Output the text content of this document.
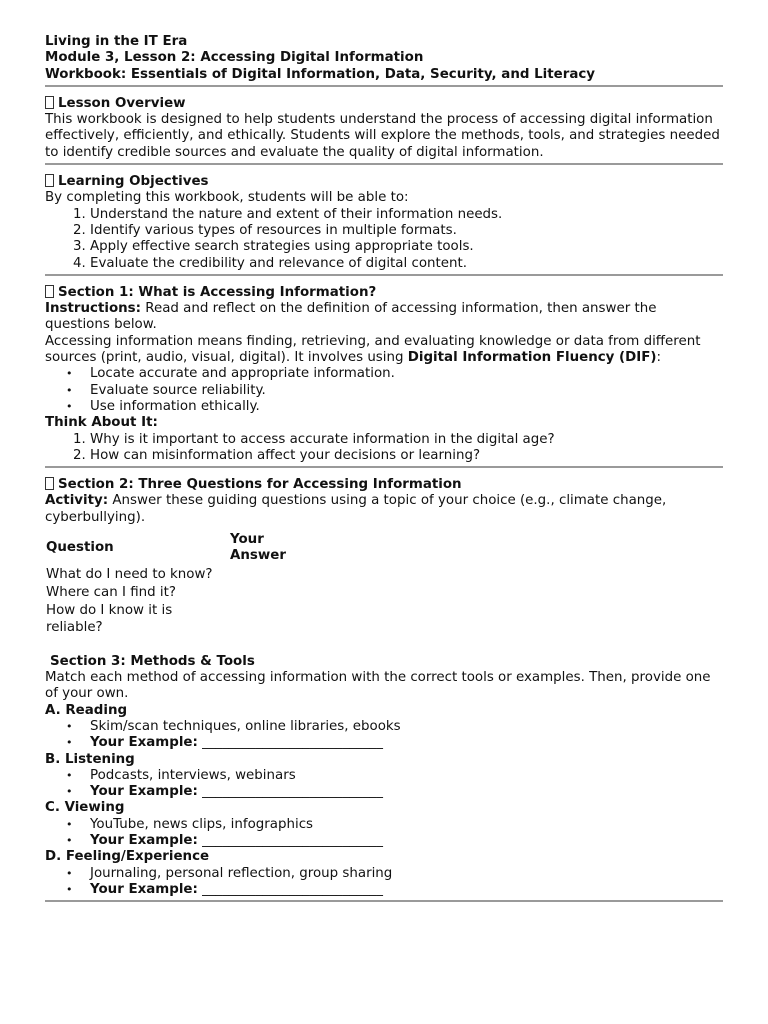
Living in the IT Era
Module 3, Lesson 2: Accessing Digital Information
Workbook: Essentials of Digital Information, Data, Security, and Literacy
Lesson Overview
This workbook is designed to help students understand the process of accessing digital information effectively, efficiently, and ethically. Students will explore the methods, tools, and strategies needed to identify credible sources and evaluate the quality of digital information.
Learning Objectives
By completing this workbook, students will be able to:
1. Understand the nature and extent of their information needs.
2. Identify various types of resources in multiple formats.
3. Apply effective search strategies using appropriate tools.
4. Evaluate the credibility and relevance of digital content.
Section 1: What is Accessing Information?
Instructions: Read and reflect on the definition of accessing information, then answer the questions below.
Accessing information means finding, retrieving, and evaluating knowledge or data from different sources (print, audio, visual, digital). It involves using Digital Information Fluency (DIF):
• Locate accurate and appropriate information.
• Evaluate source reliability.
• Use information ethically.
Think About It:
1. Why is it important to access accurate information in the digital age?
2. How can misinformation affect your decisions or learning?
Section 2: Three Questions for Accessing Information
Activity: Answer these guiding questions using a topic of your choice (e.g., climate change, cyberbullying).
Question	Your Answer
What do I need to know?	
Where can I find it?	
How do I know it is reliable?	
Section 3: Methods & Tools
Match each method of accessing information with the correct tools or examples. Then, provide one of your own.
A. Reading
• Skim/scan techniques, online libraries, ebooks
• Your Example: ___________________________
B. Listening
• Podcasts, interviews, webinars
• Your Example: ___________________________
C. Viewing
• YouTube, news clips, infographics
• Your Example: ___________________________
D. Feeling/Experience
• Journaling, personal reflection, group sharing
• Your Example: ___________________________
